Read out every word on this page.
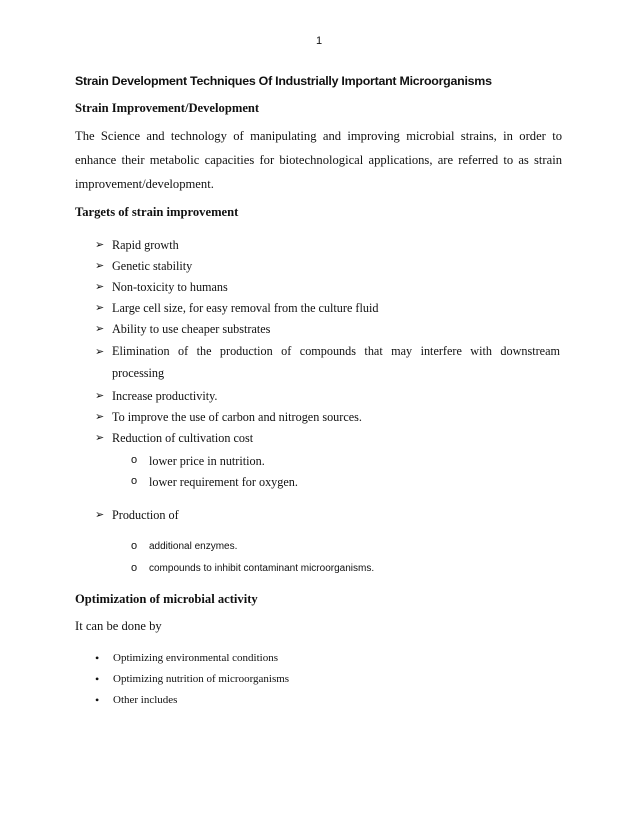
1
Strain Development Techniques Of Industrially Important Microorganisms
Strain Improvement/Development
The Science and technology of manipulating and improving microbial strains, in order to
enhance their metabolic capacities for biotechnological applications, are referred to as strain
improvement/development.
Targets of strain improvement
➢ Rapid growth
➢ Genetic stability
➢ Non-toxicity to humans
➢ Large cell size, for easy removal from the culture fluid
➢ Ability to use cheaper substrates
➢ Elimination of the production of compounds that may interfere with downstream
processing
➢ Increase productivity.
➢ To improve the use of carbon and nitrogen sources.
➢ Reduction of cultivation cost
o lower price in nutrition.
o lower requirement for oxygen.
➢ Production of
o additional enzymes.
o compounds to inhibit contaminant microorganisms.
Optimization of microbial activity
It can be done by
• Optimizing environmental conditions
• Optimizing nutrition of microorganisms
• Other includes
